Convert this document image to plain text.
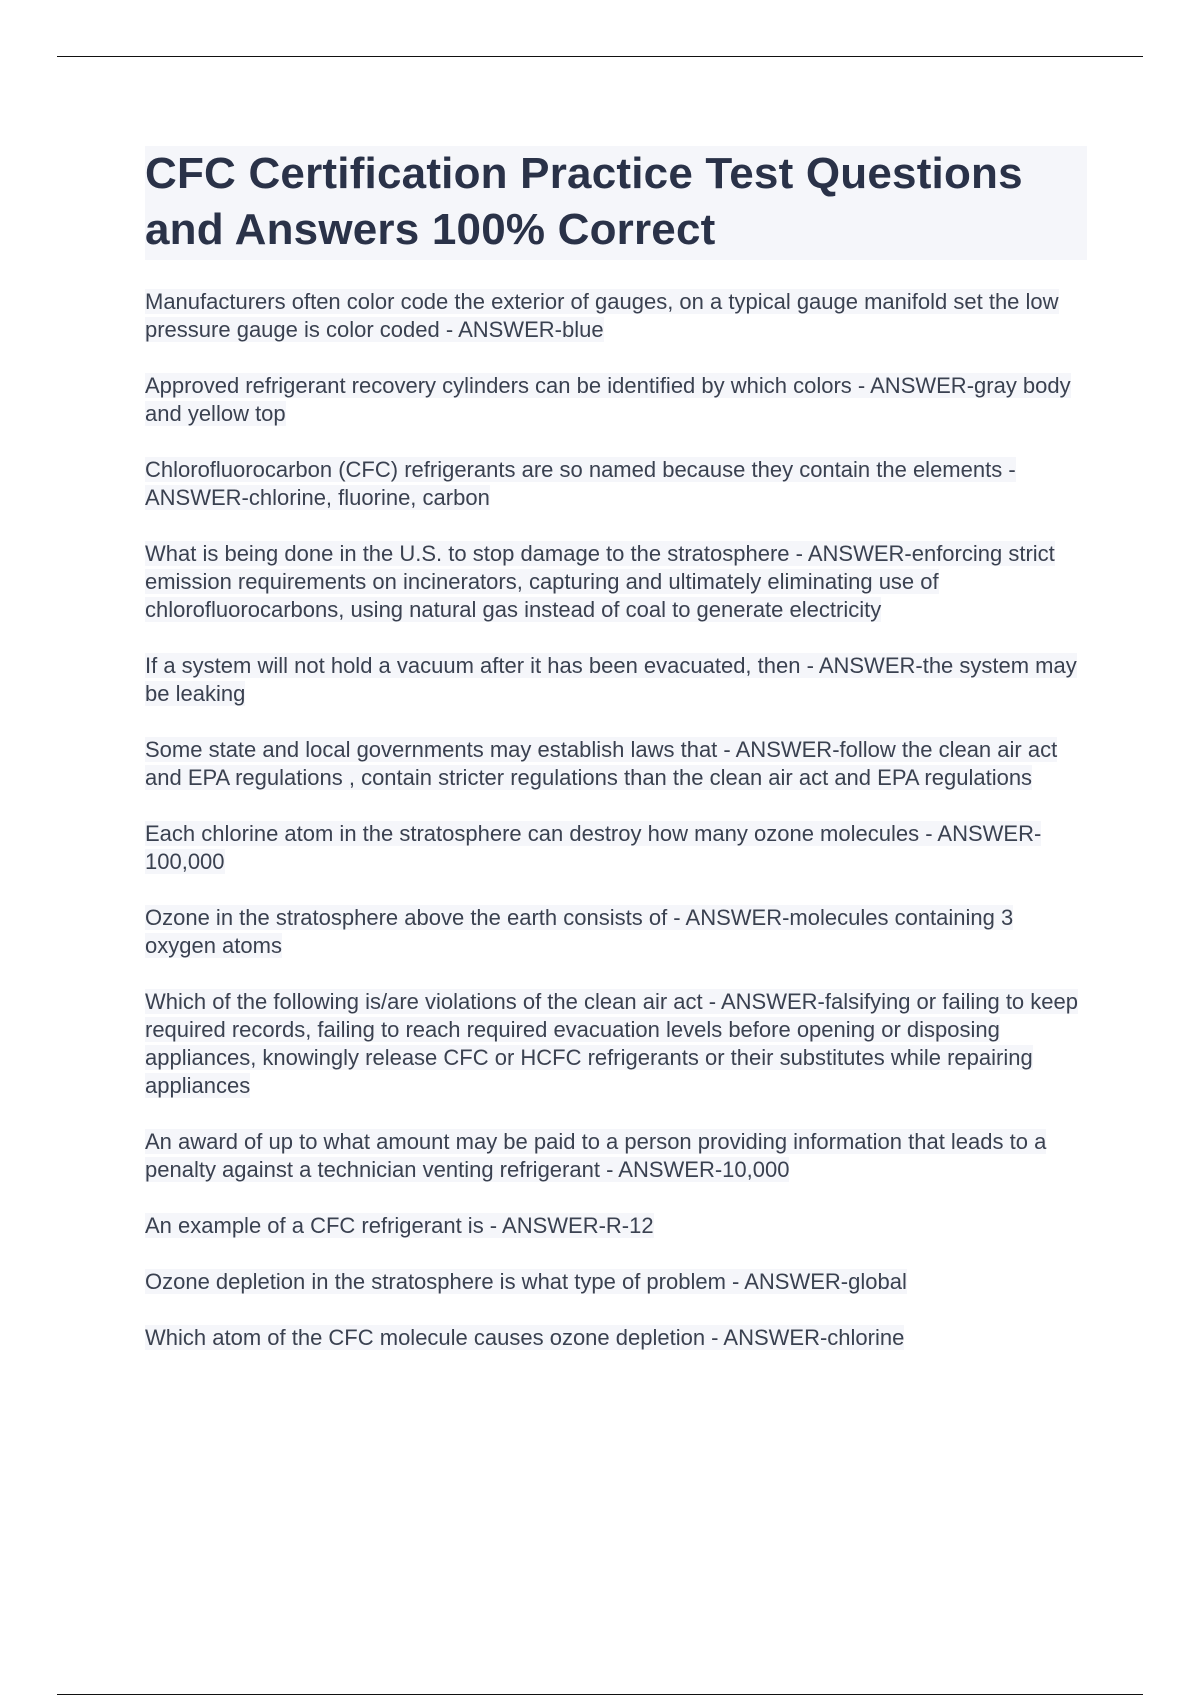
CFC Certification Practice Test Questions and Answers 100% Correct
Manufacturers often color code the exterior of gauges, on a typical gauge manifold set the low pressure gauge is color coded - ANSWER-blue
Approved refrigerant recovery cylinders can be identified by which colors - ANSWER-gray body and yellow top
Chlorofluorocarbon (CFC) refrigerants are so named because they contain the elements - ANSWER-chlorine, fluorine, carbon
What is being done in the U.S. to stop damage to the stratosphere - ANSWER-enforcing strict emission requirements on incinerators, capturing and ultimately eliminating use of chlorofluorocarbons, using natural gas instead of coal to generate electricity
If a system will not hold a vacuum after it has been evacuated, then - ANSWER-the system may be leaking
Some state and local governments may establish laws that - ANSWER-follow the clean air act and EPA regulations , contain stricter regulations than the clean air act and EPA regulations
Each chlorine atom in the stratosphere can destroy how many ozone molecules - ANSWER-100,000
Ozone in the stratosphere above the earth consists of - ANSWER-molecules containing 3 oxygen atoms
Which of the following is/are violations of the clean air act - ANSWER-falsifying or failing to keep required records, failing to reach required evacuation levels before opening or disposing appliances, knowingly release CFC or HCFC refrigerants or their substitutes while repairing appliances
An award of up to what amount may be paid to a person providing information that leads to a penalty against a technician venting refrigerant - ANSWER-10,000
An example of a CFC refrigerant is - ANSWER-R-12
Ozone depletion in the stratosphere is what type of problem - ANSWER-global
Which atom of the CFC molecule causes ozone depletion - ANSWER-chlorine
